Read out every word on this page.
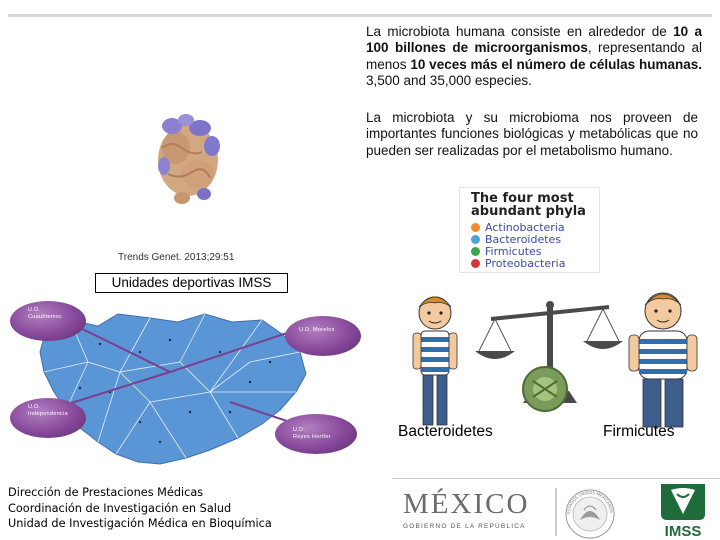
La microbiota humana consiste en alrededor de 10 a 100 billones de microorganismos, representando al menos 10 veces más el número de células humanas. 3,500 and 35,000 especies.
La microbiota y su microbioma nos proveen de importantes funciones biológicas y metabólicas que no pueden ser realizadas por el metabolismo humano.
Trends Genet. 2013;29:51
The four most abundant phyla
Actinobacteria
Bacteroidetes
Firmicutes
Proteobacteria
Unidades deportivas IMSS
U.D.
Cuauhtemoc
U.D. Morelos
U.D.
Independencia
U.D.
Reyes Hertfer
Dirección de Prestaciones Médicas
Coordinación de Investigación en Salud
Unidad de Investigación Médica en Bioquímica
Bacteroidetes	Firmicutes
MÉXICO
GOBIERNO DE LA REPÚBLICA
ESTADOS UNIDOS MEXICANOS
IMSS
